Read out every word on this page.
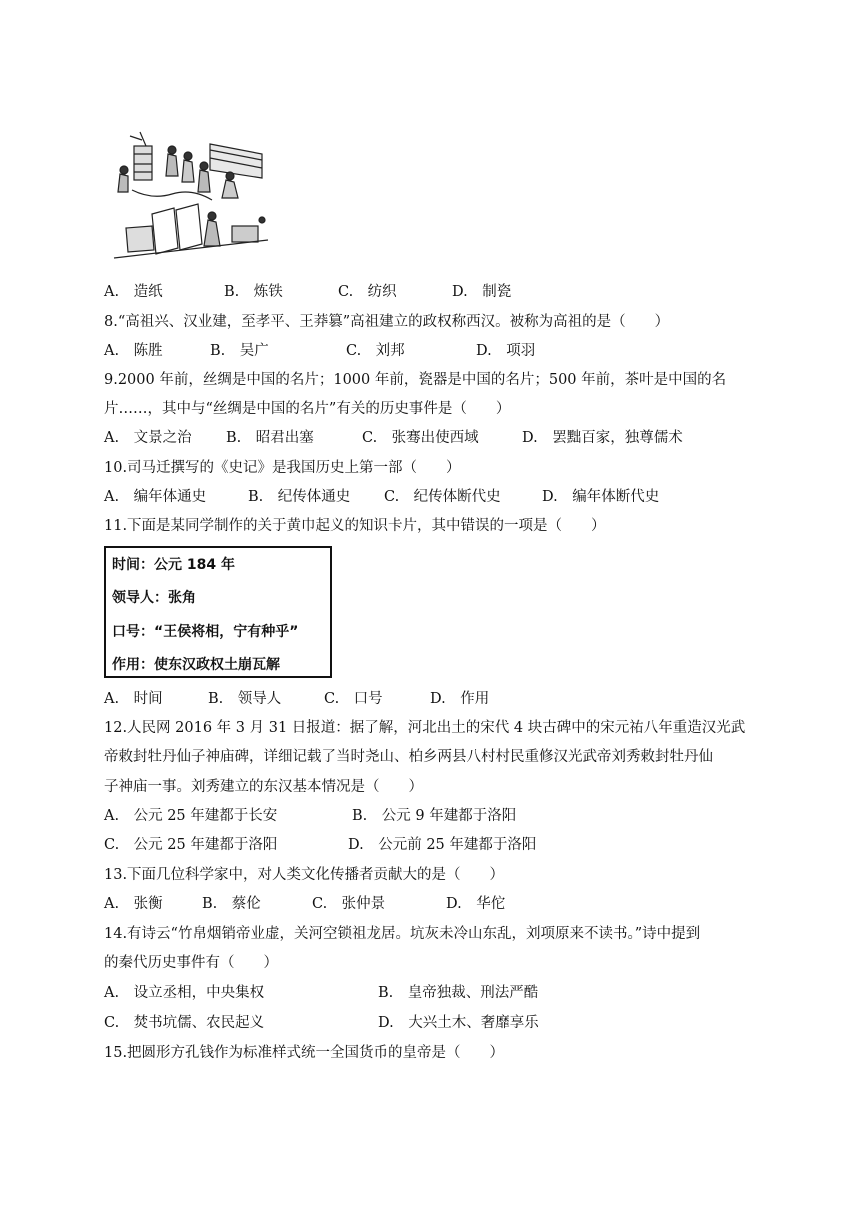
A.　造纸	B.　炼铁	C.　纺织	D.　制瓷
8.“高祖兴、汉业建，至孝平、王莽篡”高祖建立的政权称西汉。被称为高祖的是（　　）
A.　陈胜	B.　吴广	C.　刘邦	D.　项羽
9.2000 年前，丝绸是中国的名片；1000 年前，瓷器是中国的名片；500 年前，茶叶是中国的名
片……，其中与“丝绸是中国的名片”有关的历史事件是（　　）
A.　文景之治 B.　昭君出塞	C.　张骞出使西域	D.　罢黜百家，独尊儒术
10.司马迁撰写的《史记》是我国历史上第一部（　　）
A.　编年体通史	B.　纪传体通史 C.　纪传体断代史	D.　编年体断代史
11.下面是某同学制作的关于黄巾起义的知识卡片，其中错误的一项是（　　）
时间：公元 184 年
领导人：张角
口号：“王侯将相，宁有种乎”
作用：使东汉政权土崩瓦解
A.　时间	B.　领导人	C.　口号	D.　作用
12.人民网 2016 年 3 月 31 日报道：据了解，河北出土的宋代 4 块古碑中的宋元祐八年重造汉光武
帝敕封牡丹仙子神庙碑，详细记载了当时尧山、柏乡两县八村村民重修汉光武帝刘秀敕封牡丹仙
子神庙一事。刘秀建立的东汉基本情况是（　　）
A.　公元 25 年建都于长安	B.　公元 9 年建都于洛阳
C.　公元 25 年建都于洛阳	D.　公元前 25 年建都于洛阳
13.下面几位科学家中，对人类文化传播者贡献大的是（　　）
A.　张衡	B.　蔡伦	C.　张仲景	D.　华佗
14.有诗云“竹帛烟销帝业虚，关河空锁祖龙居。坑灰未冷山东乱，刘项原来不读书。”诗中提到
的秦代历史事件有（　　）
A.　设立丞相，中央集权	B.　皇帝独裁、刑法严酷
C.　焚书坑儒、农民起义	D.　大兴土木、奢靡享乐
15.把圆形方孔钱作为标准样式统一全国货币的皇帝是（　　）
